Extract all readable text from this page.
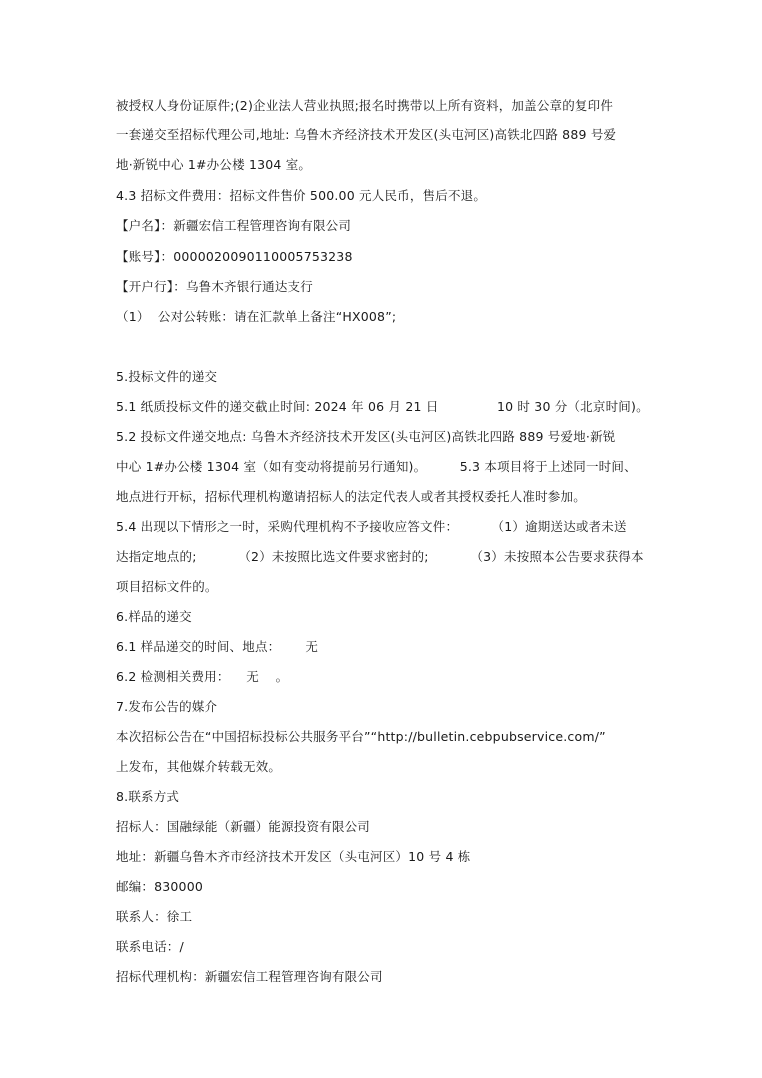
被授权人身份证原件;(2)企业法人营业执照;报名时携带以上所有资料，加盖公章的复印件
一套递交至招标代理公司,地址: 乌鲁木齐经济技术开发区(头屯河区)高铁北四路 889 号爱
地·新锐中心 1#办公楼 1304 室。
4.3 招标文件费用：招标文件售价 500.00 元人民币，售后不退。
【户名】：新疆宏信工程管理咨询有限公司
【账号】：0000020090110005753238
【开户行】：乌鲁木齐银行通达支行
（1）  公对公转账：请在汇款单上备注“HX008”;
5.投标文件的递交
5.1 纸质投标文件的递交截止时间: 2024 年 06 月 21 日              10 时 30 分（北京时间)。
5.2 投标文件递交地点: 乌鲁木齐经济技术开发区(头屯河区)高铁北四路 889 号爱地·新锐
中心 1#办公楼 1304 室（如有变动将提前另行通知)。        5.3 本项目将于上述同一时间、
地点进行开标，招标代理机构邀请招标人的法定代表人或者其授权委托人准时参加。
5.4 出现以下情形之一时，采购代理机构不予接收应答文件：        （1）逾期送达或者未送
达指定地点的;          （2）未按照比选文件要求密封的;          （3）未按照本公告要求获得本
项目招标文件的。
6.样品的递交
6.1 样品递交的时间、地点：      无
6.2 检测相关费用：    无    。
7.发布公告的媒介
本次招标公告在“中国招标投标公共服务平台”“http://bulletin.cebpubservice.com/”
上发布，其他媒介转载无效。
8.联系方式
招标人：国融绿能（新疆）能源投资有限公司
地址：新疆乌鲁木齐市经济技术开发区（头屯河区）10 号 4 栋
邮编：830000
联系人：徐工
联系电话：/
招标代理机构：新疆宏信工程管理咨询有限公司
